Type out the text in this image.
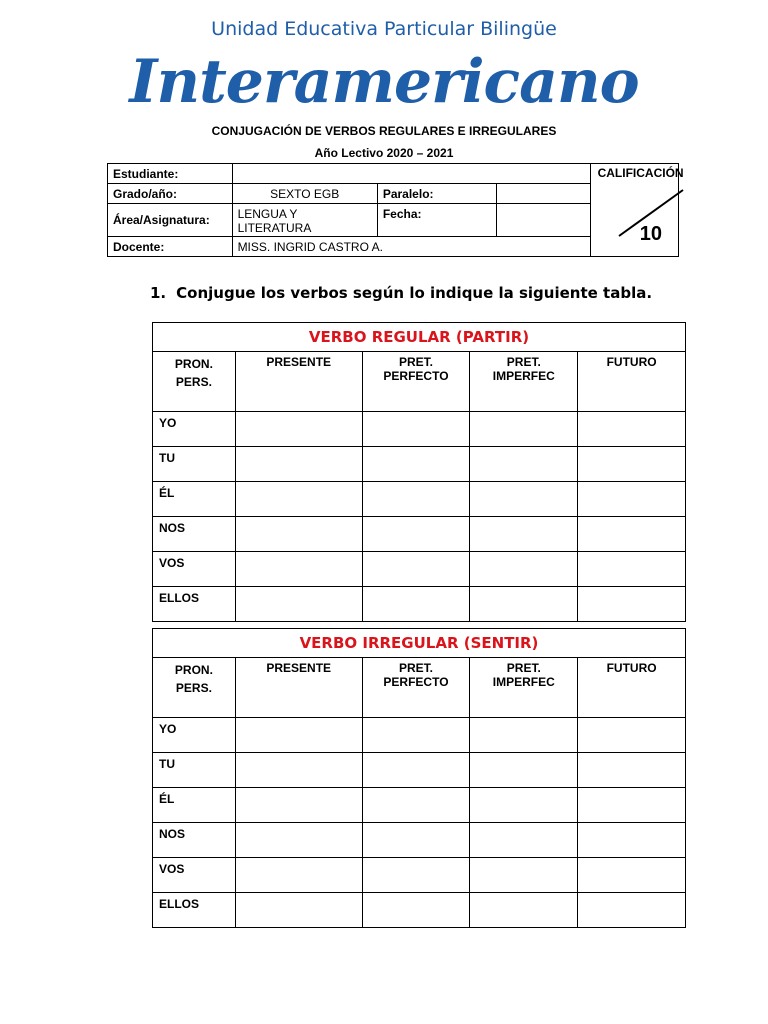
Unidad Educativa Particular Bilingüe
Interamericano
CONJUGACIÓN DE VERBOS REGULARES E IRREGULARES
Año Lectivo 2020 – 2021
Estudiante:				CALIFICACIÓN
10

Grado/año:	SEXTO EGB	Paralelo:		
Área/Asignatura:	LENGUA Y LITERATURA	Fecha:		
Docente:	MISS. INGRID CASTRO A.			
1. Conjugue los verbos según lo indique la siguiente tabla.
VERBO REGULAR (PARTIR)				

PRON.
PERS.	PRESENTE	PRET. PERFECTO	PRET. IMPERFEC	FUTURO
YO				
TU				
ÉL				
NOS				
VOS				
ELLOS				
VERBO IRREGULAR (SENTIR)				

PRON.
PERS.	PRESENTE	PRET. PERFECTO	PRET. IMPERFEC	FUTURO
YO				
TU				
ÉL				
NOS				
VOS				
ELLOS				
